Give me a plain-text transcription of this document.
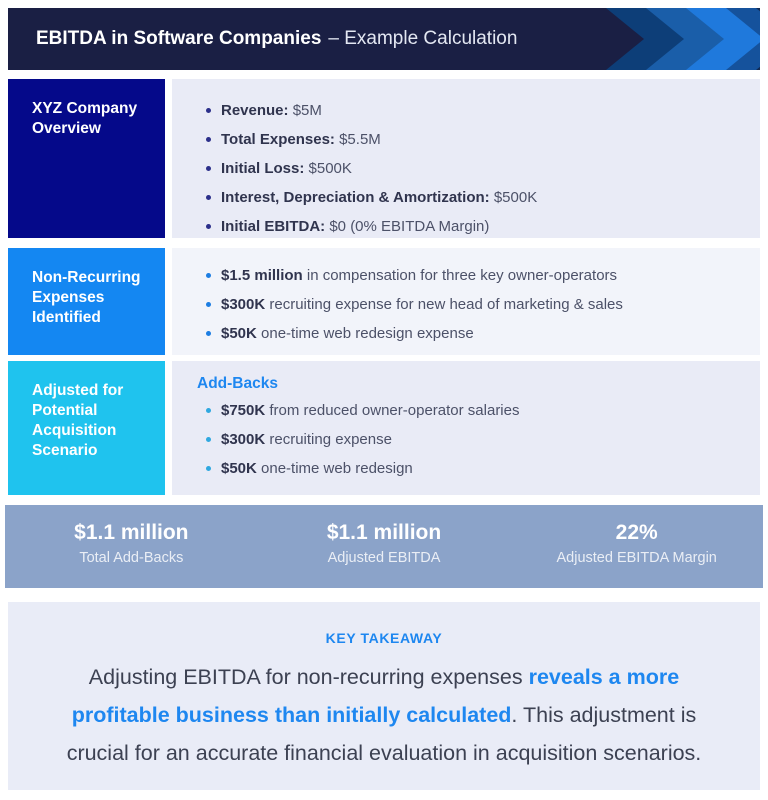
EBITDA in Software Companies – Example Calculation
XYZ Company Overview
Revenue: $5M
Total Expenses: $5.5M
Initial Loss: $500K
Interest, Depreciation & Amortization: $500K
Initial EBITDA: $0 (0% EBITDA Margin)
Non-Recurring Expenses Identified
$1.5 million in compensation for three key owner-operators
$300K recruiting expense for new head of marketing & sales
$50K one-time web redesign expense
Adjusted for Potential Acquisition Scenario
Add-Backs
$750K from reduced owner-operator salaries
$300K recruiting expense
$50K one-time web redesign
$1.1 million
Total Add-Backs
$1.1 million
Adjusted EBITDA
22%
Adjusted EBITDA Margin
KEY TAKEAWAY

Adjusting EBITDA for non-recurring expenses reveals a more profitable business than initially calculated. This adjustment is crucial for an accurate financial evaluation in acquisition scenarios.
